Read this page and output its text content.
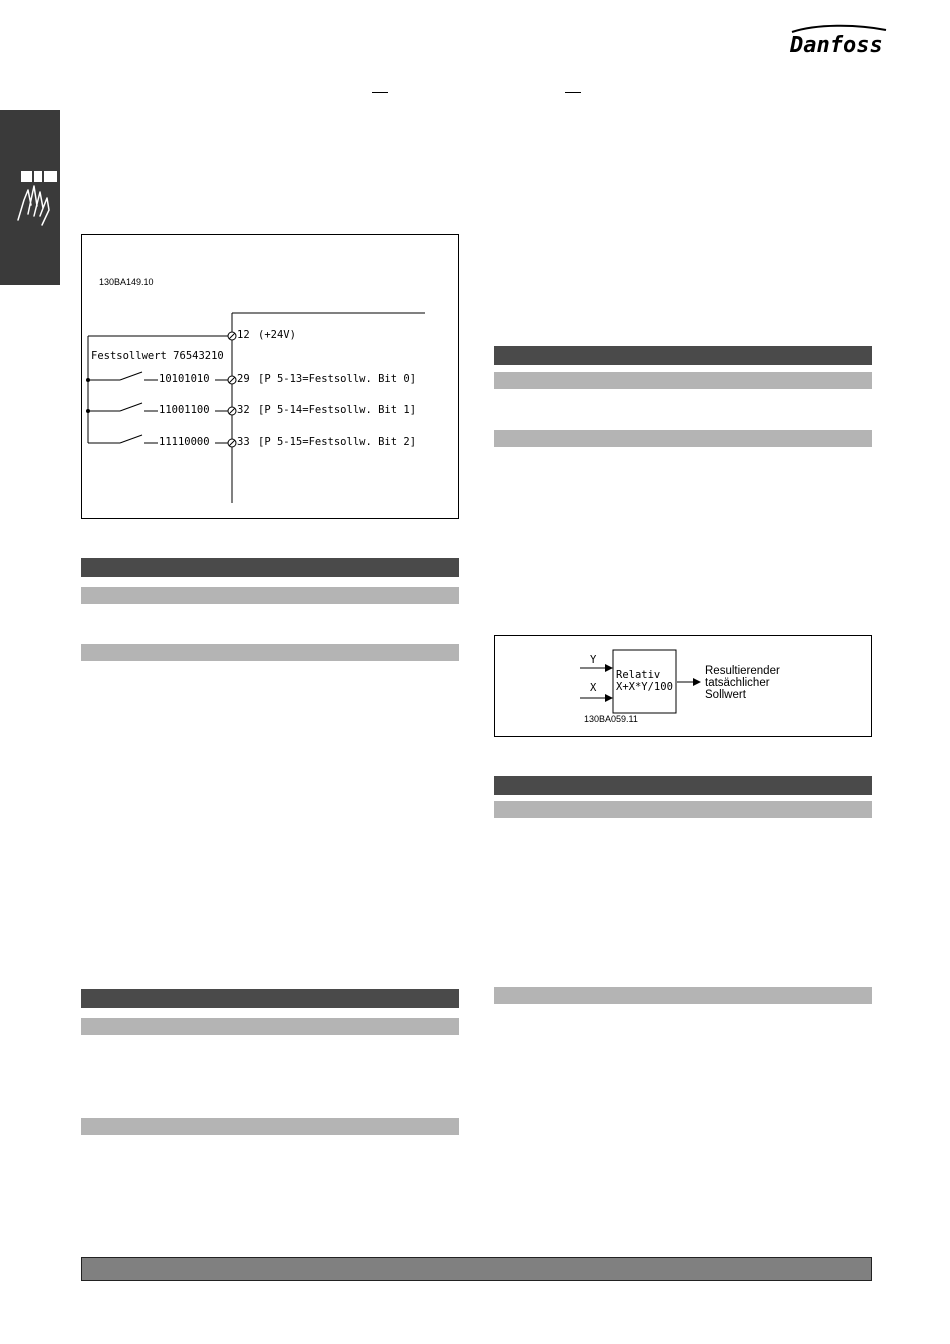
Danfoss
130BA149.10
Festsollwert 76543210
12 (+24V)
10101010	29 [P 5-13=Festsollw. Bit 0]
11001100	32 [P 5-14=Festsollw. Bit 1]
11110000	33 [P 5-15=Festsollw. Bit 2]
Y
X
Relativ
X+X*Y/100
Resultierender
tatsächlicher
Sollwert
130BA059.11
